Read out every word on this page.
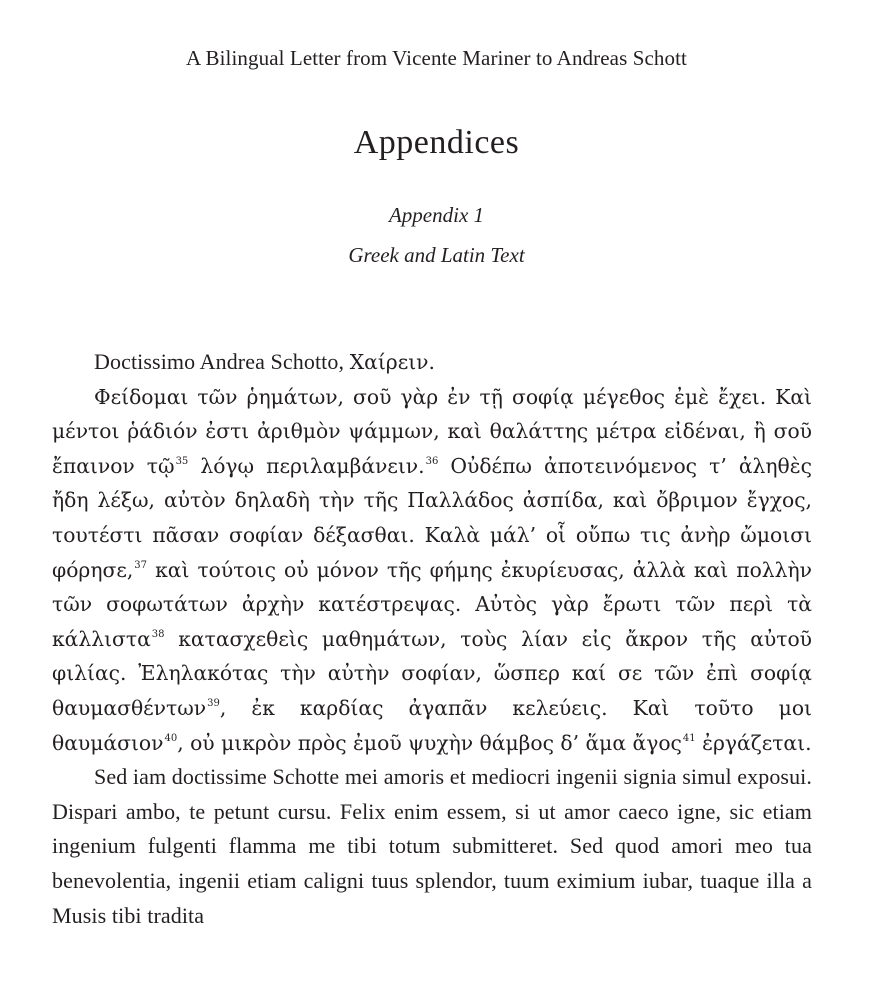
A Bilingual Letter from Vicente Mariner to Andreas Schott
Appendices
Appendix 1
Greek and Latin Text

Doctissimo Andrea Schotto, Χαίρειν.

Φείδομαι τῶν ῥημάτων, σοῦ γὰρ ἐν τῇ σοφίᾳ μέγεθος ἐμὲ ἔχει. Καὶ μέντοι ῥάδιόν ἐστι ἀριθμὸν ψάμμων, καὶ θαλάττης μέτρα εἰδέναι, ἢ σοῦ ἔπαινον τῷ$^{35}$ λόγῳ περιλαμβάνειν.$^{36}$ Οὐδέπω ἀποτεινόμενος τ’ ἀληθὲς ἤδη λέξω, αὐτὸν δηλαδὴ τὴν τῆς Παλλάδος ἀσπίδα, καὶ ὄβριμον ἔγχος, τουτέστι πᾶσαν σοφίαν δέξασθαι. Καλὰ μάλ’ οἷ οὔπω τις ἀνὴρ ὤμοισι φόρησε,$^{37}$ καὶ τούτοις οὐ μόνον τῆς φήμης ἐκυρίευσας, ἀλλὰ καὶ πολλὴν τῶν σοφωτάτων ἀρχὴν κατέστρεψας. Αὐτὸς γὰρ ἔρωτι τῶν περὶ τὰ κάλλιστα$^{38}$ κατασχεθεὶς μαθημάτων, τοὺς λίαν εἰς ἄκρον τῆς αὐτοῦ φιλίας. Ἐληλακότας τὴν αὐτὴν σοφίαν, ὥσπερ καί σε τῶν ἐπὶ σοφίᾳ θαυμασθέντων$^{39}$, ἐκ καρδίας ἀγαπᾶν κελεύεις. Καὶ τοῦτο μοι θαυμάσιον$^{40}$, οὐ μικρὸν πρὸς ἐμοῦ ψυχὴν θάμβος δ’ ἅμα ἄγος$^{41}$ ἐργάζεται.

Sed iam doctissime Schotte mei amoris et mediocri ingenii signia simul exposui. Dispari ambo, te petunt cursu. Felix enim essem, si ut amor caeco igne, sic etiam ingenium fulgenti flamma me tibi totum submitteret. Sed quod amori meo tua benevolentia, ingenii etiam caligni tuus splendor, tuum eximium iubar, tuaque illa a Musis tibi tradita
